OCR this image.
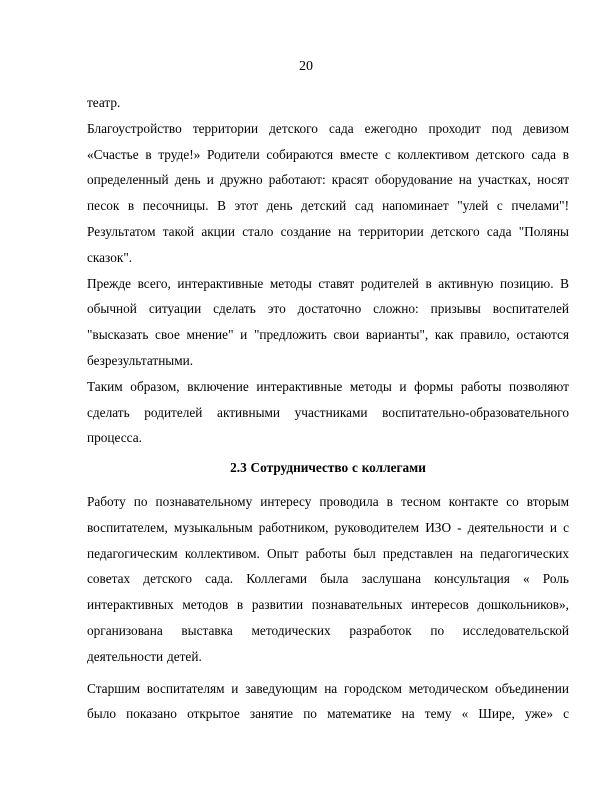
20

театр.

Благоустройство территории детского сада ежегодно проходит под девизом «Счастье в труде!» Родители собираются вместе с коллективом детского сада в определенный день и дружно работают: красят оборудование на участках, носят песок в песочницы. В этот день детский сад напоминает "улей с пчелами"! Результатом такой акции стало создание на территории детского сада "Поляны сказок".

Прежде всего, интерактивные методы ставят родителей в активную позицию. В обычной ситуации сделать это достаточно сложно: призывы воспитателей "высказать свое мнение" и "предложить свои варианты", как правило, остаются безрезультатными.

Таким образом, включение интерактивные методы и формы работы позволяют сделать родителей активными участниками воспитательно-образовательного процесса.

2.3 Сотрудничество с коллегами

Работу по познавательному интересу проводила в тесном контакте со вторым воспитателем, музыкальным работником, руководителем ИЗО - деятельности и с педагогическим коллективом. Опыт работы был представлен на педагогических советах детского сада. Коллегами была заслушана консультация « Роль интерактивных методов в развитии познавательных интересов дошкольников», организована выставка методических разработок по исследовательской деятельности детей.

Старшим воспитателям и заведующим на городском методическом объединении было показано открытое занятие по математике на тему « Шире, уже» с
